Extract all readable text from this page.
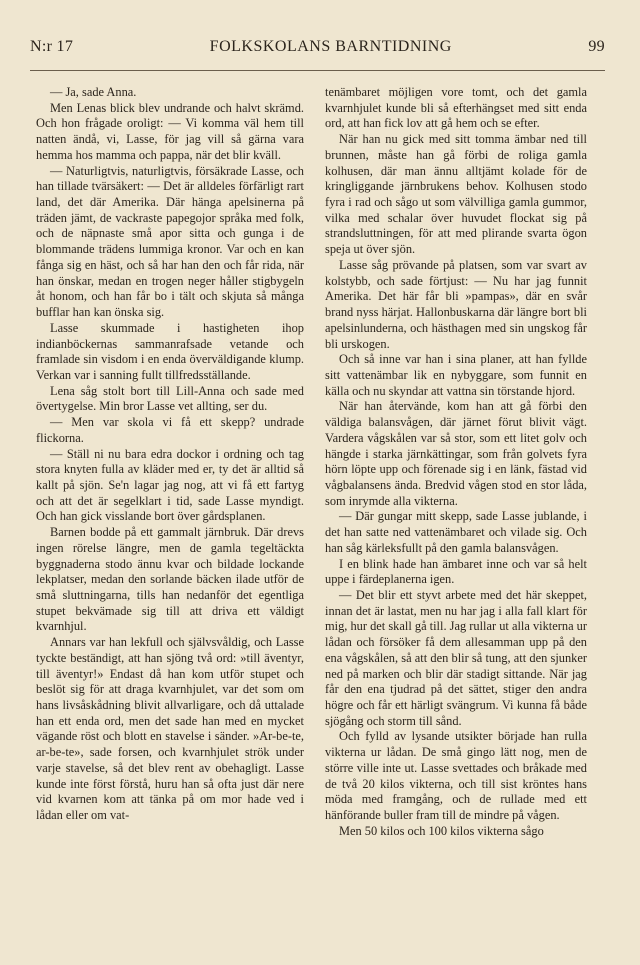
N:r 17	FOLKSKOLANS BARNTIDNING	99

— Ja, sade Anna.

Men Lenas blick blev undrande och halvt skrämd. Och hon frågade oroligt: — Vi komma väl hem till natten ändå, vi, Lasse, för jag vill så gärna vara hemma hos mamma och pappa, när det blir kväll.

— Naturligtvis, naturligtvis, försäkrade Lasse, och han tillade tvärsäkert: — Det är alldeles förfärligt rart land, det där Amerika. Där hänga apelsinerna på träden jämt, de vackraste papegojor språka med folk, och de näpnaste små apor sitta och gunga i de blommande trädens lummiga kronor. Var och en kan fånga sig en häst, och så har han den och får rida, när han önskar, medan en trogen neger håller stigbygeln åt honom, och han får bo i tält och skjuta så många bufflar han kan önska sig.

Lasse skummade i hastigheten ihop indianböckernas sammanrafsade vetande och framlade sin visdom i en enda överväldigande klump. Verkan var i sanning fullt tillfredsställande.

Lena såg stolt bort till Lill-Anna och sade med övertygelse. Min bror Lasse vet allting, ser du.

— Men var skola vi få ett skepp? undrade flickorna.

— Ställ ni nu bara edra dockor i ordning och tag stora knyten fulla av kläder med er, ty det är alltid så kallt på sjön. Se'n lagar jag nog, att vi få ett fartyg och att det är segelklart i tid, sade Lasse myndigt. Och han gick visslande bort över gårdsplanen.

Barnen bodde på ett gammalt järnbruk. Där drevs ingen rörelse längre, men de gamla tegeltäckta byggnaderna stodo ännu kvar och bildade lockande lekplatser, medan den sorlande bäcken ilade utför de små sluttningarna, tills han nedanför det egentliga stupet bekvämade sig till att driva ett väldigt kvarnhjul.

Annars var han lekfull och självsvåldig, och Lasse tyckte beständigt, att han sjöng två ord: »till äventyr, till äventyr!» Endast då han kom utför stupet och beslöt sig för att draga kvarnhjulet, var det som om hans livsåskådning blivit allvarligare, och då uttalade han ett enda ord, men det sade han med en mycket vägande röst och blott en stavelse i sänder. »Ar-be-te, ar-be-te», sade forsen, och kvarnhjulet strök under varje stavelse, så det blev rent av obehagligt. Lasse kunde inte först förstå, huru han så ofta just där nere vid kvarnen kom att tänka på om mor hade ved i lådan eller om vat-

tenämbaret möjligen vore tomt, och det gamla kvarnhjulet kunde bli så efterhängset med sitt enda ord, att han fick lov att gå hem och se efter.

När han nu gick med sitt tomma ämbar ned till brunnen, måste han gå förbi de roliga gamla kolhusen, där man ännu alltjämt kolade för de kringliggande järnbrukens behov. Kolhusen stodo fyra i rad och sågo ut som välvilliga gamla gummor, vilka med schalar över huvudet flockat sig på strandsluttningen, för att med plirande svarta ögon speja ut över sjön.

Lasse såg prövande på platsen, som var svart av kolstybb, och sade förtjust: — Nu har jag funnit Amerika. Det här får bli »pampas», där en svår brand nyss härjat. Hallonbuskarna där längre bort bli apelsinlunderna, och hästhagen med sin ungskog får bli urskogen.

Och så inne var han i sina planer, att han fyllde sitt vattenämbar lik en nybyggare, som funnit en källa och nu skyndar att vattna sin törstande hjord.

När han återvände, kom han att gå förbi den väldiga balansvågen, där järnet förut blivit vägt. Vardera vågskålen var så stor, som ett litet golv och hängde i starka järnkättingar, som från golvets fyra hörn löpte upp och förenade sig i en länk, fästad vid vågbalansens ända. Bredvid vågen stod en stor låda, som inrymde alla vikterna.

— Där gungar mitt skepp, sade Lasse jublande, i det han satte ned vattenämbaret och vilade sig. Och han såg kärleksfullt på den gamla balansvågen.

I en blink hade han ämbaret inne och var så helt uppe i färdeplanerna igen.

— Det blir ett styvt arbete med det här skeppet, innan det är lastat, men nu har jag i alla fall klart för mig, hur det skall gå till. Jag rullar ut alla vikterna ur lådan och försöker få dem allesamman upp på den ena vågskålen, så att den blir så tung, att den sjunker ned på marken och blir där stadigt sittande. När jag får den ena tjudrad på det sättet, stiger den andra högre och får ett härligt svängrum. Vi kunna få både sjögång och storm till sånd.

Och fylld av lysande utsikter började han rulla vikterna ur lådan. De små gingo lätt nog, men de större ville inte ut. Lasse svettades och bråkade med de två 20 kilos vikterna, och till sist kröntes hans möda med framgång, och de rullade med ett hänförande buller fram till de mindre på vågen.

Men 50 kilos och 100 kilos vikterna sågo
